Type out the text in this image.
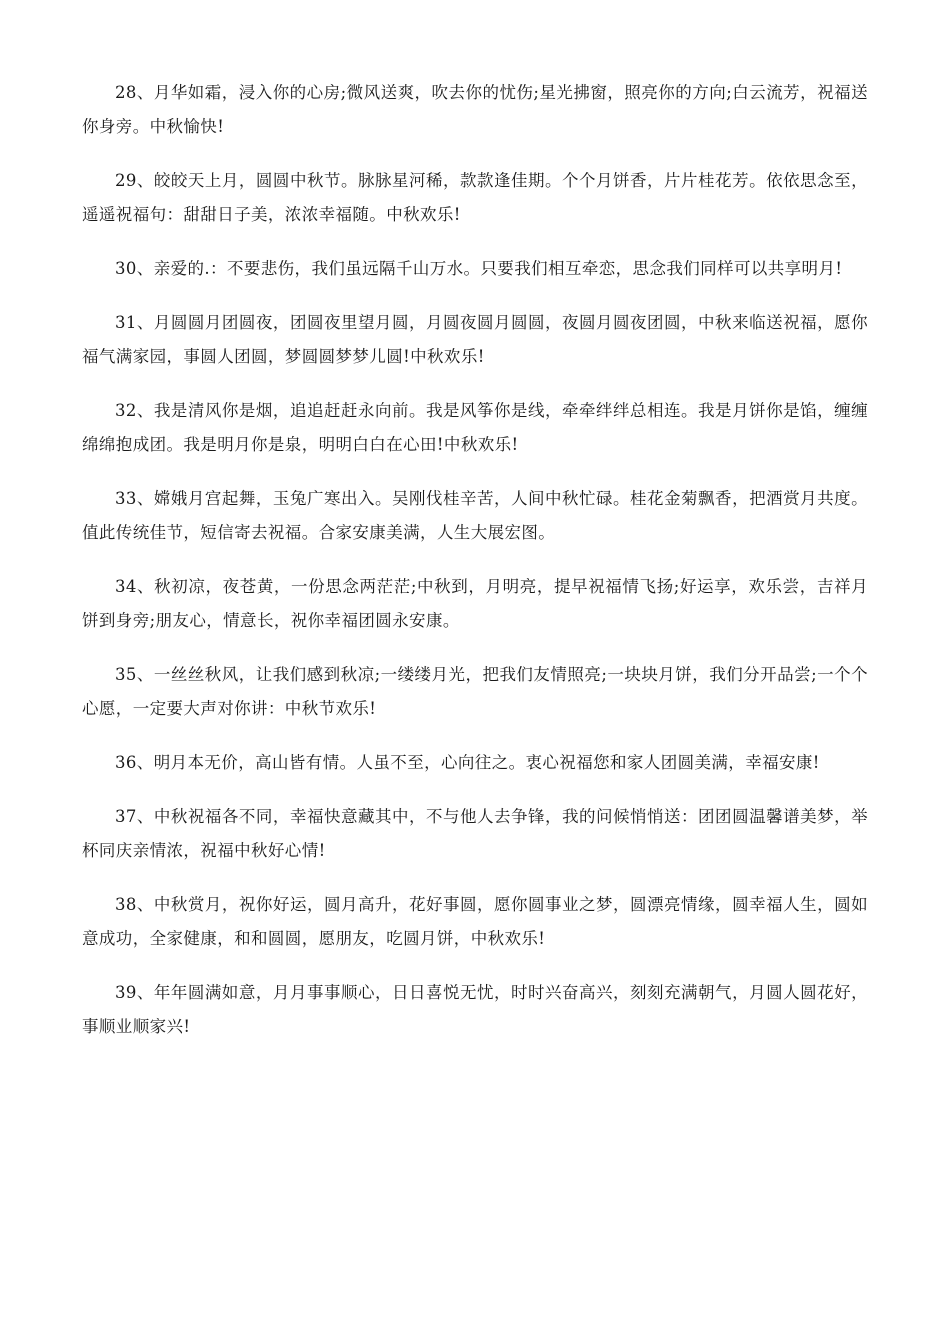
28、月华如霜，浸入你的心房;微风送爽，吹去你的忧伤;星光拂窗，照亮你的方向;白云流芳，祝福送你身旁。中秋愉快!

29、皎皎天上月，圆圆中秋节。脉脉星河稀，款款逢佳期。个个月饼香，片片桂花芳。依依思念至，遥遥祝福句：甜甜日子美，浓浓幸福随。中秋欢乐!

30、亲爱的.：不要悲伤，我们虽远隔千山万水。只要我们相互牵恋，思念我们同样可以共享明月!

31、月圆圆月团圆夜，团圆夜里望月圆，月圆夜圆月圆圆，夜圆月圆夜团圆，中秋来临送祝福，愿你福气满家园，事圆人团圆，梦圆圆梦梦儿圆!中秋欢乐!

32、我是清风你是烟，追追赶赶永向前。我是风筝你是线，牵牵绊绊总相连。我是月饼你是馅，缠缠绵绵抱成团。我是明月你是泉，明明白白在心田!中秋欢乐!

33、嫦娥月宫起舞，玉兔广寒出入。吴刚伐桂辛苦，人间中秋忙碌。桂花金菊飘香，把酒赏月共度。值此传统佳节，短信寄去祝福。合家安康美满，人生大展宏图。

34、秋初凉，夜苍黄，一份思念两茫茫;中秋到，月明亮，提早祝福情飞扬;好运享，欢乐尝，吉祥月饼到身旁;朋友心，情意长，祝你幸福团圆永安康。

35、一丝丝秋风，让我们感到秋凉;一缕缕月光，把我们友情照亮;一块块月饼，我们分开品尝;一个个心愿，一定要大声对你讲：中秋节欢乐!

36、明月本无价，高山皆有情。人虽不至，心向往之。衷心祝福您和家人团圆美满，幸福安康!

37、中秋祝福各不同，幸福快意藏其中，不与他人去争锋，我的问候悄悄送：团团圆温馨谱美梦，举杯同庆亲情浓，祝福中秋好心情!

38、中秋赏月，祝你好运，圆月高升，花好事圆，愿你圆事业之梦，圆漂亮情缘，圆幸福人生，圆如意成功，全家健康，和和圆圆，愿朋友，吃圆月饼，中秋欢乐!

39、年年圆满如意，月月事事顺心，日日喜悦无忧，时时兴奋高兴，刻刻充满朝气，月圆人圆花好，事顺业顺家兴!
